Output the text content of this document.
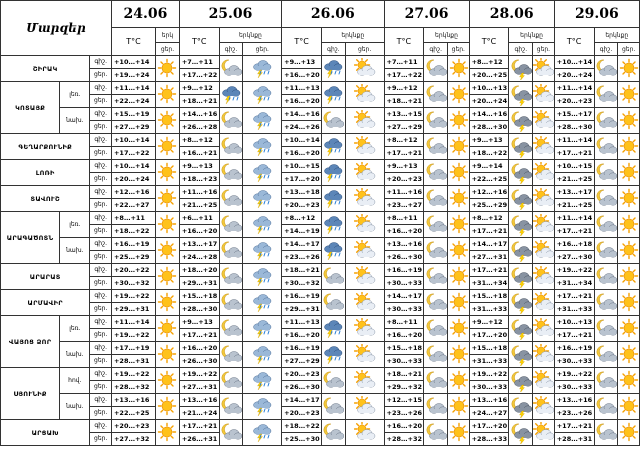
Մարզեր			24.06		25.06			26.06			27.06			28.06			29.06		
			T°C	երկ	T°C	երկնքը		T°C	երկնքը		T°C	երկնքը		T°C	երկնքը		T°C	երկնքը	
				ցեր.		գիշ.	ցեր.		գիշ.	ցեր.		գիշ.	ցեր.		գիշ.	ցեր.		գիշ.	ցեր.
ՇԻՐԱԿ		գիշ.	+10…+14		+7…+11			+9…+13			+7…+11			+8…+12			+10…+14	

		ցեր.	+19…+24		+17…+22			+16…+20			+17…+22			+20…+25			+20…+24		
ԿՈՏԱՅՔ	լեռ.	գիշ.	+11…+14		+9…+12			+11…+13			+9…+12			+10…+13			+11…+14	

		ցեր.	+22…+24		+18…+21			+16…+20			+18…+21			+20…+24			+20…+23		
	նախ.	գիշ.	+15…+19		+14…+16			+14…+16			+13…+15			+14…+16			+15…+17	

		ցեր.	+27…+29		+26…+28			+24…+26			+27…+29			+28…+30			+28…+30		
ԳԵՂԱՐՔՈՒՆԻՔ		գիշ.	+10…+14		+8…+12			+10…+14			+8…+12			+9…+13			+11…+14	

		ցեր.	+17…+22		+16…+21			+16…+20			+17…+21			+18…+22			+17…+21		
ԼՈՌԻ		գիշ.	+10…+14		+9…+13			+10…+15			+9…+13			+9…+14			+10…+15	

		ցեր.	+20…+24		+18…+23			+17…+20			+20…+23			+22…+25			+21…+25		
ՏԱՎՈՒՇ		գիշ.	+12…+16		+11…+16			+13…+18			+11…+16			+12…+16			+13…+17	

		ցեր.	+22…+27		+21…+25			+20…+23			+23…+27			+25…+29			+21…+25		
ԱՐԱԳԱԾՈՏՆ	լեռ.	գիշ.	+8…+11		+6…+11			+8…+12			+8…+11			+8…+12			+11…+14	

		ցեր.	+18…+22		+16…+20			+14…+19			+16…+20			+17…+21			+17…+21		
	նախ.	գիշ.	+16…+19		+13…+17			+14…+17			+13…+16			+14…+17			+16…+18	

		ցեր.	+25…+29		+24…+28			+23…+26			+26…+30			+27…+31			+27…+30		
ԱՐԱՐԱՏ		գիշ.	+20…+22		+18…+20			+18…+21			+16…+19			+17…+21			+19…+22	

		ցեր.	+30…+32		+29…+31			+30…+32			+30…+33			+31…+34			+31…+34		
ԱՐՄԱՎԻՐ		գիշ.	+19…+22		+15…+18			+16…+19			+14…+17			+15…+18			+17…+21	

		ցեր.	+29…+31		+28…+30			+29…+31			+30…+33			+31…+33			+31…+33		
ՎԱՅՈՑ ՁՈՐ	լեռ.	գիշ.	+11…+14		+9…+13			+11…+13			+8…+11			+9…+12			+10…+13	

		ցեր.	+19…+22		+17…+21			+16…+20			+16…+20			+17…+20			+17…+21		
	նախ.	գիշ.	+17…+19		+16…+20			+16…+19			+15…+18			+15…+18			+16…+19	

		ցեր.	+28…+31		+26…+30			+27…+29			+30…+33			+31…+33			+30…+33		
ՍՅՈՒՆԻՔ	հով.	գիշ.	+19…+22		+19…+22			+20…+23			+18…+21			+19…+22			+19…+22	

		ցեր.	+28…+32		+27…+31			+26…+30			+29…+32			+30…+33			+30…+33		
	նախ.	գիշ.	+13…+16		+13…+16			+14…+17			+12…+15			+13…+16			+13…+16	

		ցեր.	+22…+25		+21…+24			+20…+23			+23…+26			+24…+27			+23…+26		
ԱՐՑԱԽ		գիշ.	+20…+23		+17…+21			+18…+22			+16…+20			+17…+20			+17…+21	

		ցեր.	+27…+32		+26…+31			+25…+30			+28…+32			+28…+33			+28…+31		
